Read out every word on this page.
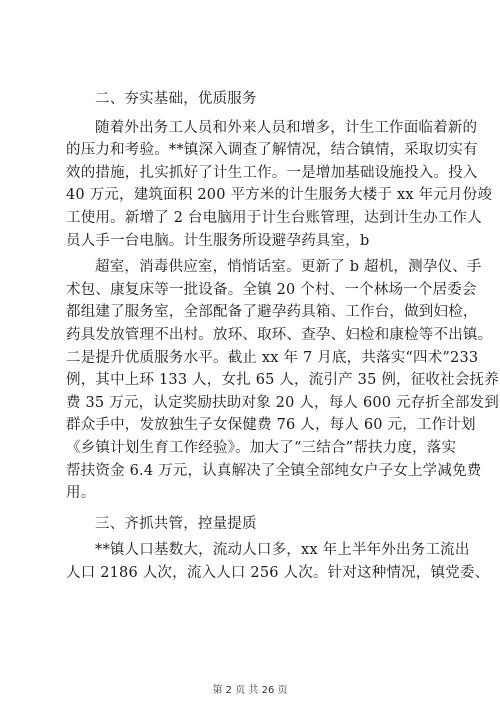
二、夯实基础，优质服务
随着外出务工人员和外来人员和增多，计生工作面临着新的
的压力和考验。**镇深入调查了解情况，结合镇情，采取切实有
效的措施，扎实抓好了计生工作。一是增加基础设施投入。投入
40 万元，建筑面积 200 平方米的计生服务大楼于 xx 年元月份竣
工使用。新增了 2 台电脑用于计生台账管理，达到计生办工作人
员人手一台电脑。计生服务所设避孕药具室，b
超室，消毒供应室，悄悄话室。更新了 b 超机，测孕仪、手
术包、康复床等一批设备。全镇 20 个村、一个林场一个居委会
都组建了服务室，全部配备了避孕药具箱、工作台，做到妇检，
药具发放管理不出村。放环、取环、查孕、妇检和康检等不出镇。
二是提升优质服务水平。截止 xx 年 7 月底，共落实“四术”233
例，其中上环 133 人，女扎 65 人，流引产 35 例，征收社会抚养
费 35 万元，认定奖励扶助对象 20 人，每人 600 元存折全部发到
群众手中，发放独生子女保健费 76 人，每人 60 元，工作计划
《乡镇计划生育工作经验》。加大了“三结合”帮扶力度，落实
帮扶资金 6.4 万元，认真解决了全镇全部纯女户子女上学减免费
用。
三、齐抓共管，控量提质
**镇人口基数大，流动人口多，xx 年上半年外出务工流出
人口 2186 人次，流入人口 256 人次。针对这种情况，镇党委、
第 2 页 共 26 页
